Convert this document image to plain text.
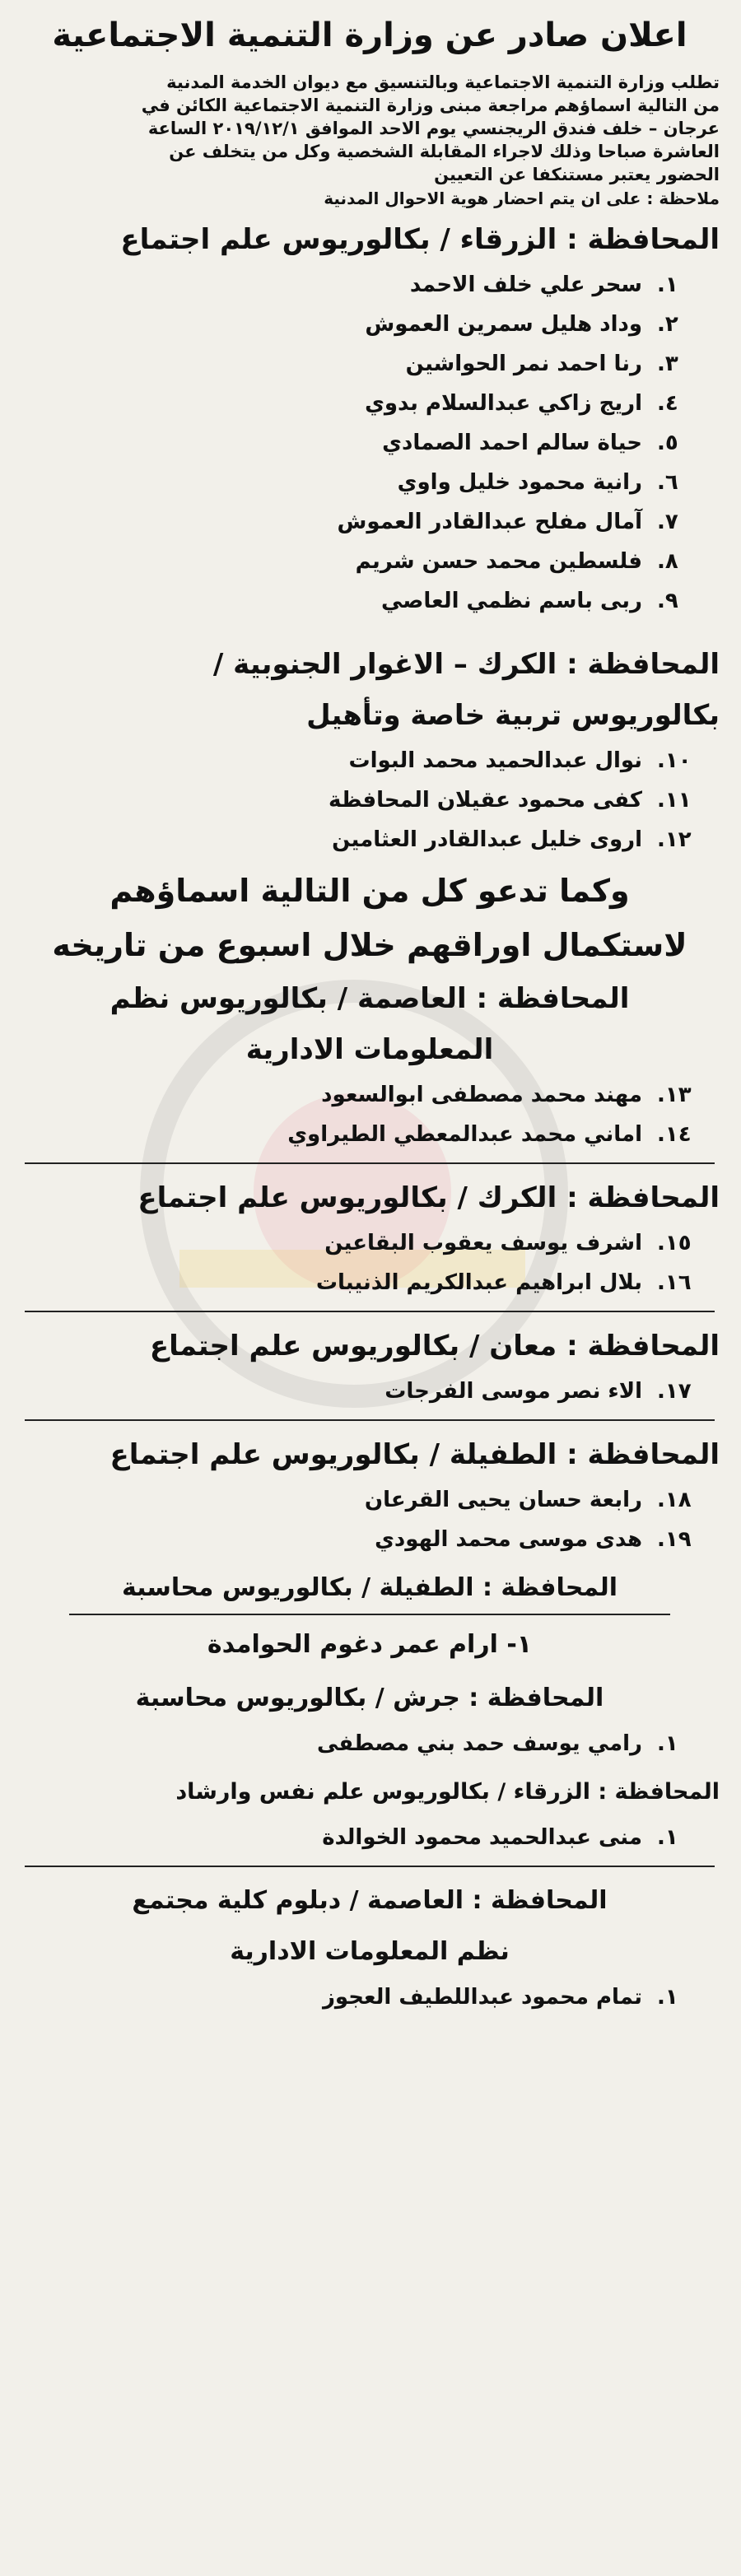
اعلان صادر عن وزارة التنمية الاجتماعية

تطلب وزارة التنمية الاجتماعية وبالتنسيق مع ديوان الخدمة المدنية

من التالية اسماؤهم مراجعة مبنى وزارة التنمية الاجتماعية الكائن في

عرجان – خلف فندق الريجنسي يوم الاحد الموافق ٢٠١٩/١٢/١ الساعة

العاشرة صباحا وذلك لاجراء المقابلة الشخصية وكل من يتخلف عن

الحضور يعتبر مستنكفا عن التعيين

ملاحظة : على ان يتم احضار هوية الاحوال المدنية
المحافظة : الزرقاء / بكالوريوس علم اجتماع
١.
سحر علي خلف الاحمد
٢.
وداد هليل سمرين العموش
٣.
رنا احمد نمر الحواشين
٤.
اريج زاكي عبدالسلام بدوي
٥.
حياة سالم احمد الصمادي
٦.
رانية محمود خليل واوي
٧.
آمال مفلح عبدالقادر العموش
٨.
فلسطين محمد حسن شريم
٩.
ربى باسم نظمي العاصي
المحافظة : الكرك – الاغوار الجنوبية /
بكالوريوس تربية خاصة وتأهيل
١٠.
نوال عبدالحميد محمد البوات
١١.
كفى محمود عقيلان المحافظة
١٢.
اروى خليل عبدالقادر العثامين
وكما تدعو كل من التالية اسماؤهم
لاستكمال اوراقهم خلال اسبوع من تاريخه
المحافظة : العاصمة / بكالوريوس نظم
المعلومات الادارية
١٣.
مهند محمد مصطفى ابوالسعود
١٤.
اماني محمد عبدالمعطي الطيراوي
المحافظة : الكرك / بكالوريوس علم اجتماع
١٥.
اشرف يوسف يعقوب البقاعين
١٦.
بلال ابراهيم عبدالكريم الذنيبات
المحافظة : معان / بكالوريوس علم اجتماع
١٧.
الاء نصر موسى الفرجات
المحافظة : الطفيلة / بكالوريوس علم اجتماع
١٨.
رابعة حسان يحيى القرعان
١٩.
هدى موسى محمد الهودي
المحافظة : الطفيلة / بكالوريوس محاسبة
١- ارام عمر دغوم الحوامدة
المحافظة : جرش / بكالوريوس محاسبة
١.
رامي يوسف حمد بني مصطفى
المحافظة : الزرقاء / بكالوريوس علم نفس وارشاد
١.
منى عبدالحميد محمود الخوالدة
المحافظة : العاصمة / دبلوم كلية مجتمع
نظم المعلومات الادارية
١.
تمام محمود عبداللطيف العجوز
